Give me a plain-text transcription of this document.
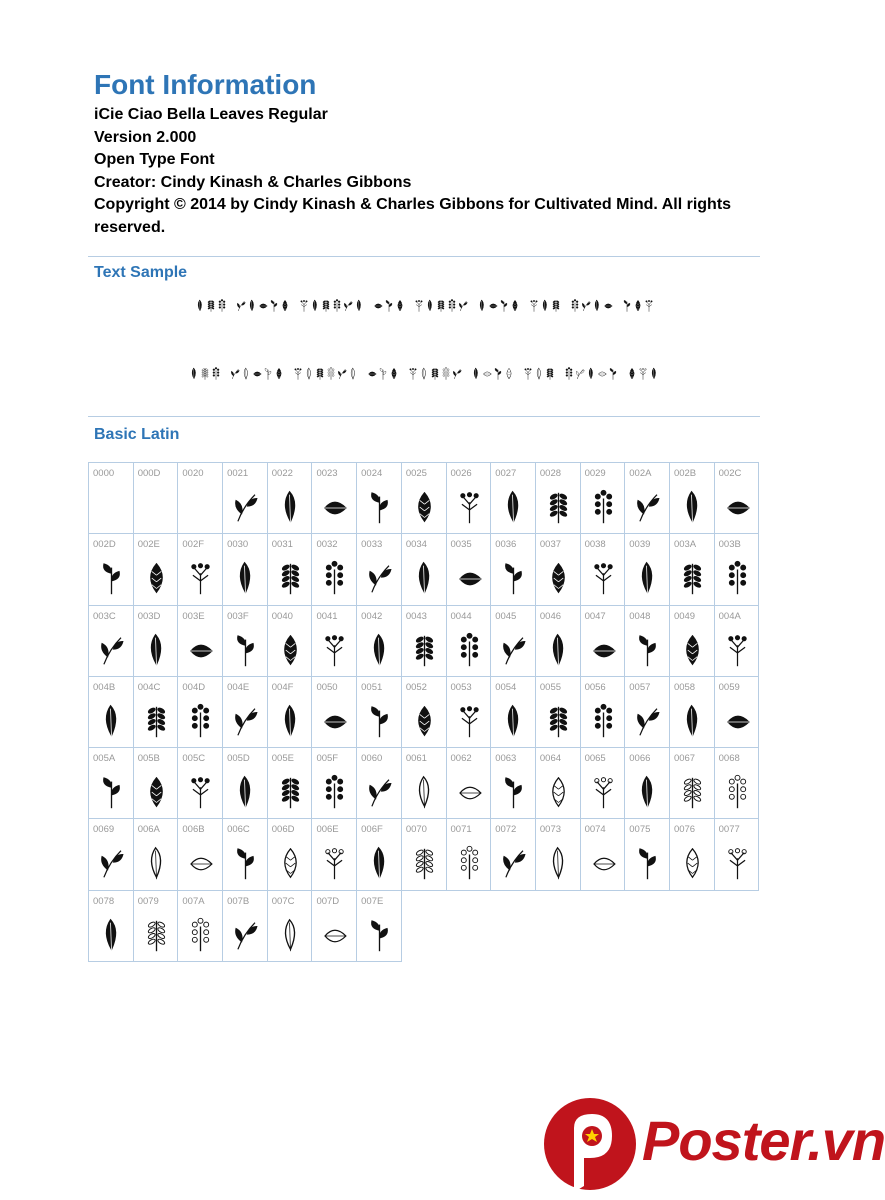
Font Information
iCie Ciao Bella Leaves Regular
Version 2.000
Open Type Font
Creator: Cindy Kinash & Charles Gibbons
Copyright © 2014 by Cindy Kinash & Charles Gibbons for Cultivated Mind. All rights reserved.
Text Sample
Basic Latin
0000 000D 0020 0021 0022 0023 0024 0025 0026 0027 0028 0029 002A 002B 002C
002D 002E 002F 0030 0031 0032 0033 0034 0035 0036 0037 0038 0039 003A 003B
003C 003D 003E 003F 0040 0041 0042 0043 0044 0045 0046 0047 0048 0049 004A
004B 004C 004D 004E 004F 0050 0051 0052 0053 0054 0055 0056 0057 0058 0059
005A 005B 005C 005D 005E 005F 0060 0061 0062 0063 0064 0065 0066 0067 0068
0069 006A 006B 006C 006D 006E 006F 0070 0071 0072 0073 0074 0075 0076 0077
0078 0079 007A 007B 007C 007D 007E
Poster.vn
